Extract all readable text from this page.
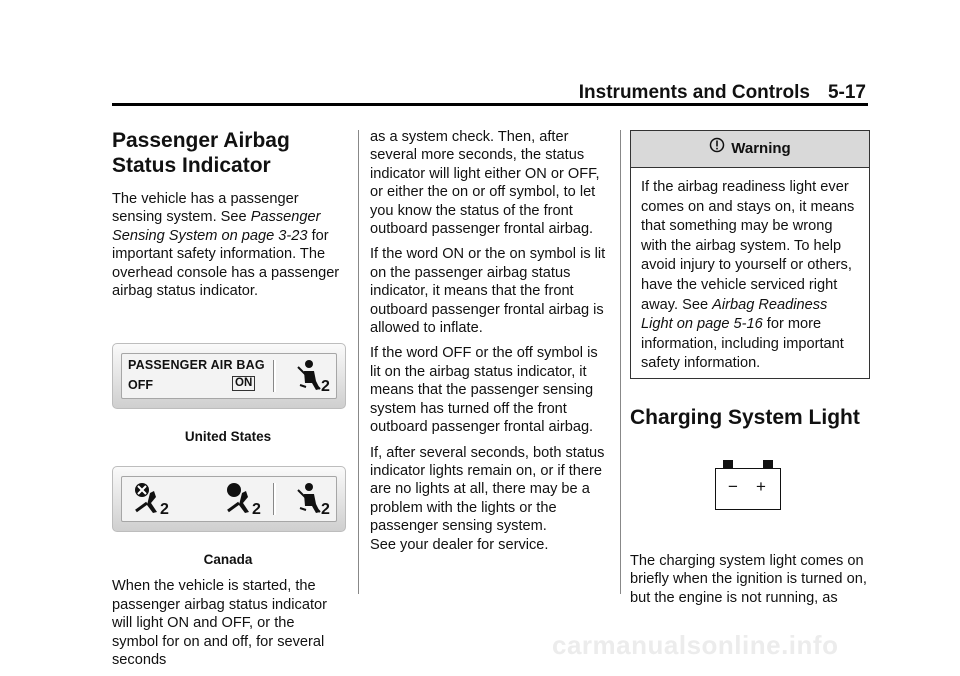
Instruments and Controls 5-17
Passenger Airbag Status Indicator

The vehicle has a passenger sensing system. See Passenger Sensing System on page 3-23 for important safety information. The overhead console has a passenger airbag status indicator.

PASSENGER AIR BAG
OFF	ON	2
United States
2	2	2
Canada

When the vehicle is started, the passenger airbag status indicator will light ON and OFF, or the symbol for on and off, for several seconds

as a system check. Then, after several more seconds, the status indicator will light either ON or OFF, or either the on or off symbol, to let you know the status of the front outboard passenger frontal airbag.

If the word ON or the on symbol is lit on the passenger airbag status indicator, it means that the front outboard passenger frontal airbag is allowed to inflate.

If the word OFF or the off symbol is lit on the airbag status indicator, it means that the passenger sensing system has turned off the front outboard passenger frontal airbag.

If, after several seconds, both status indicator lights remain on, or if there are no lights at all, there may be a problem with the lights or the passenger sensing system.

See your dealer for service.

Warning

If the airbag readiness light ever comes on and stays on, it means that something may be wrong with the airbag system. To help avoid injury to yourself or others, have the vehicle serviced right away. See Airbag Readiness Light on page 5-16 for more information, including important safety information.

Charging System Light
− +

The charging system light comes on briefly when the ignition is turned on, but the engine is not running, as

carmanualsonline.info
